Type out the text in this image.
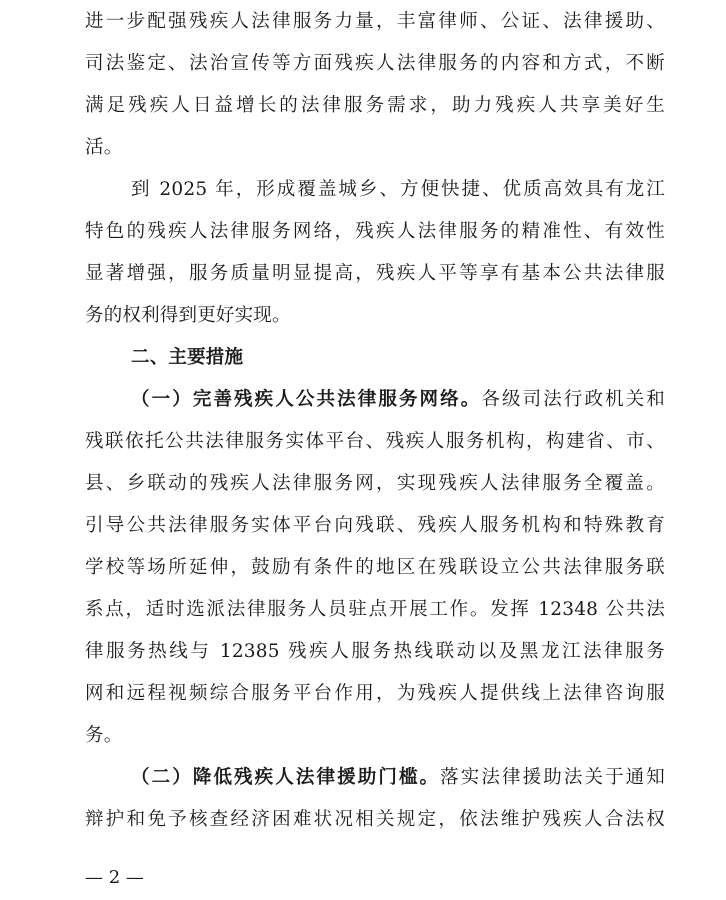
进一步配强残疾人法律服务力量，丰富律师、公证、法律援助、
司法鉴定、法治宣传等方面残疾人法律服务的内容和方式，不断
满足残疾人日益增长的法律服务需求，助力残疾人共享美好生
活。
到 2025 年，形成覆盖城乡、方便快捷、优质高效具有龙江
特色的残疾人法律服务网络，残疾人法律服务的精准性、有效性
显著增强，服务质量明显提高，残疾人平等享有基本公共法律服
务的权利得到更好实现。
二、主要措施
（一）完善残疾人公共法律服务网络。各级司法行政机关和
残联依托公共法律服务实体平台、残疾人服务机构，构建省、市、
县、乡联动的残疾人法律服务网，实现残疾人法律服务全覆盖。
引导公共法律服务实体平台向残联、残疾人服务机构和特殊教育
学校等场所延伸，鼓励有条件的地区在残联设立公共法律服务联
系点，适时选派法律服务人员驻点开展工作。发挥 12348 公共法
律服务热线与 12385 残疾人服务热线联动以及黑龙江法律服务
网和远程视频综合服务平台作用，为残疾人提供线上法律咨询服
务。
（二）降低残疾人法律援助门槛。落实法律援助法关于通知
辩护和免予核查经济困难状况相关规定，依法维护残疾人合法权
— 2 —
